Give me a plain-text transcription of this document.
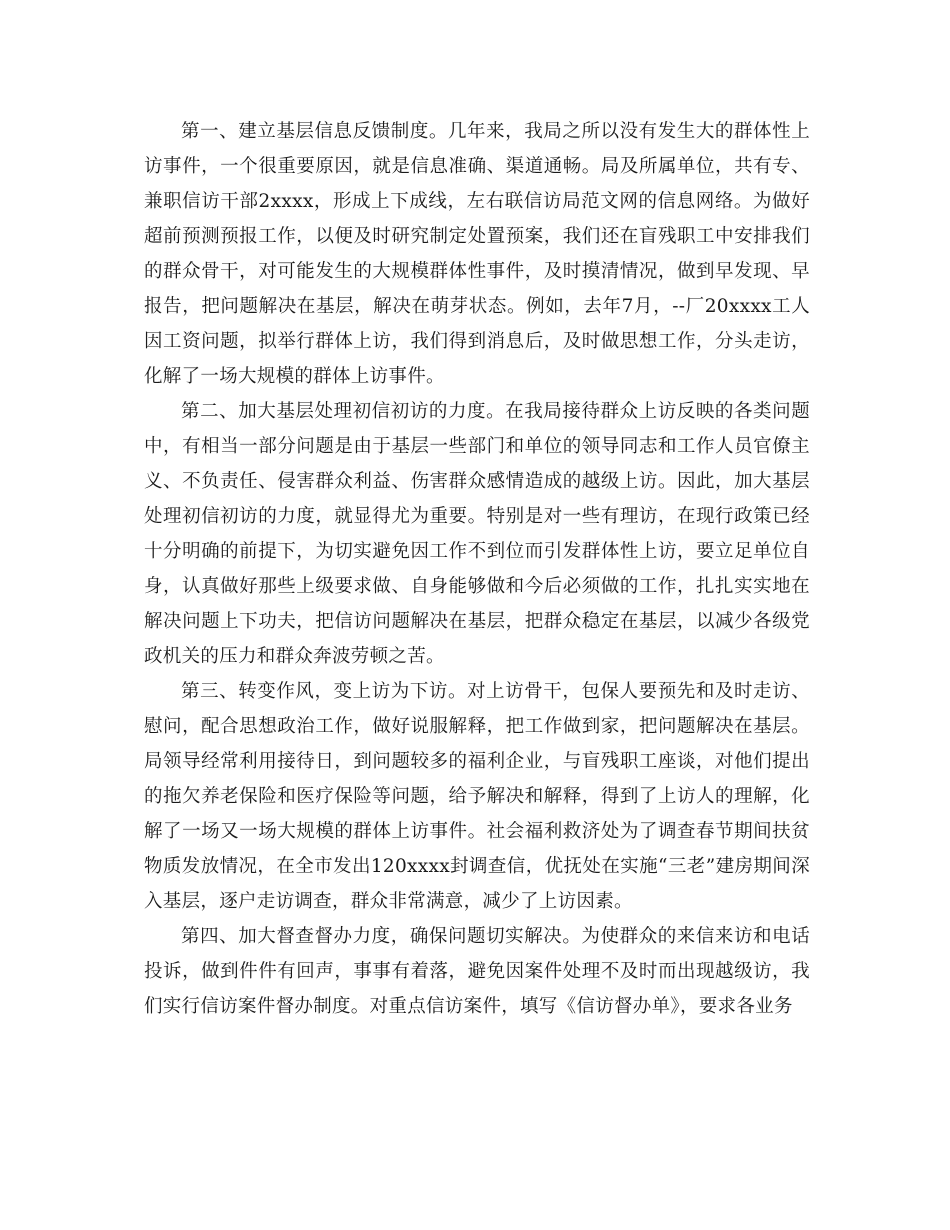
第一、建立基层信息反馈制度。几年来，我局之所以没有发生大的群体性上访事件，一个很重要原因，就是信息准确、渠道通畅。局及所属单位，共有专、兼职信访干部2xxxx，形成上下成线，左右联信访局范文网的信息网络。为做好超前预测预报工作，以便及时研究制定处置预案，我们还在盲残职工中安排我们的群众骨干，对可能发生的大规模群体性事件，及时摸清情况，做到早发现、早报告，把问题解决在基层，解决在萌芽状态。例如，去年7月，--厂20xxxx工人因工资问题，拟举行群体上访，我们得到消息后，及时做思想工作，分头走访，化解了一场大规模的群体上访事件。

第二、加大基层处理初信初访的力度。在我局接待群众上访反映的各类问题中，有相当一部分问题是由于基层一些部门和单位的领导同志和工作人员官僚主义、不负责任、侵害群众利益、伤害群众感情造成的越级上访。因此，加大基层处理初信初访的力度，就显得尤为重要。特别是对一些有理访，在现行政策已经十分明确的前提下，为切实避免因工作不到位而引发群体性上访，要立足单位自身，认真做好那些上级要求做、自身能够做和今后必须做的工作，扎扎实实地在解决问题上下功夫，把信访问题解决在基层，把群众稳定在基层，以减少各级党政机关的压力和群众奔波劳顿之苦。

第三、转变作风，变上访为下访。对上访骨干，包保人要预先和及时走访、慰问，配合思想政治工作，做好说服解释，把工作做到家，把问题解决在基层。局领导经常利用接待日，到问题较多的福利企业，与盲残职工座谈，对他们提出的拖欠养老保险和医疗保险等问题，给予解决和解释，得到了上访人的理解，化解了一场又一场大规模的群体上访事件。社会福利救济处为了调查春节期间扶贫物质发放情况，在全市发出120xxxx封调查信，优抚处在实施“三老”建房期间深入基层，逐户走访调查，群众非常满意，减少了上访因素。

第四、加大督查督办力度，确保问题切实解决。为使群众的来信来访和电话投诉，做到件件有回声，事事有着落，避免因案件处理不及时而出现越级访，我们实行信访案件督办制度。对重点信访案件，填写《信访督办单》，要求各业务
